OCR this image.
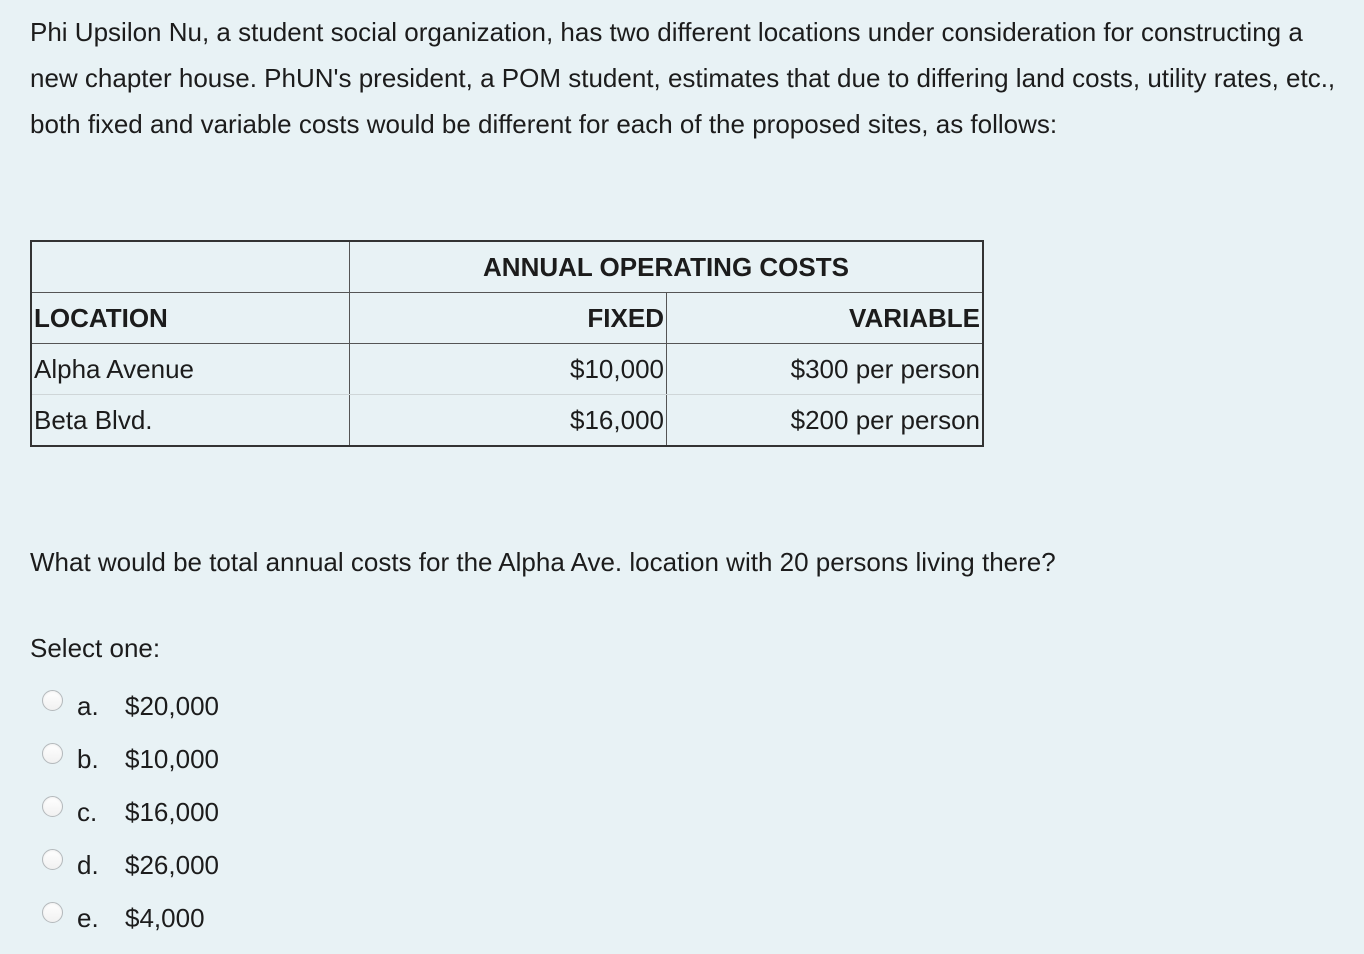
Phi Upsilon Nu, a student social organization, has two different locations under consideration for constructing a new chapter house. PhUN's president, a POM student, estimates that due to differing land costs, utility rates, etc., both fixed and variable costs would be different for each of the proposed sites, as follows:

	ANNUAL OPERATING COSTS	
LOCATION	FIXED	VARIABLE
Alpha Avenue	$10,000	$300 per person
Beta Blvd.	$16,000	$200 per person

What would be total annual costs for the Alpha Ave. location with 20 persons living there?

Select one:

a.	$20,000
b.	$10,000
c.	$16,000
d.	$26,000
e.	$4,000
